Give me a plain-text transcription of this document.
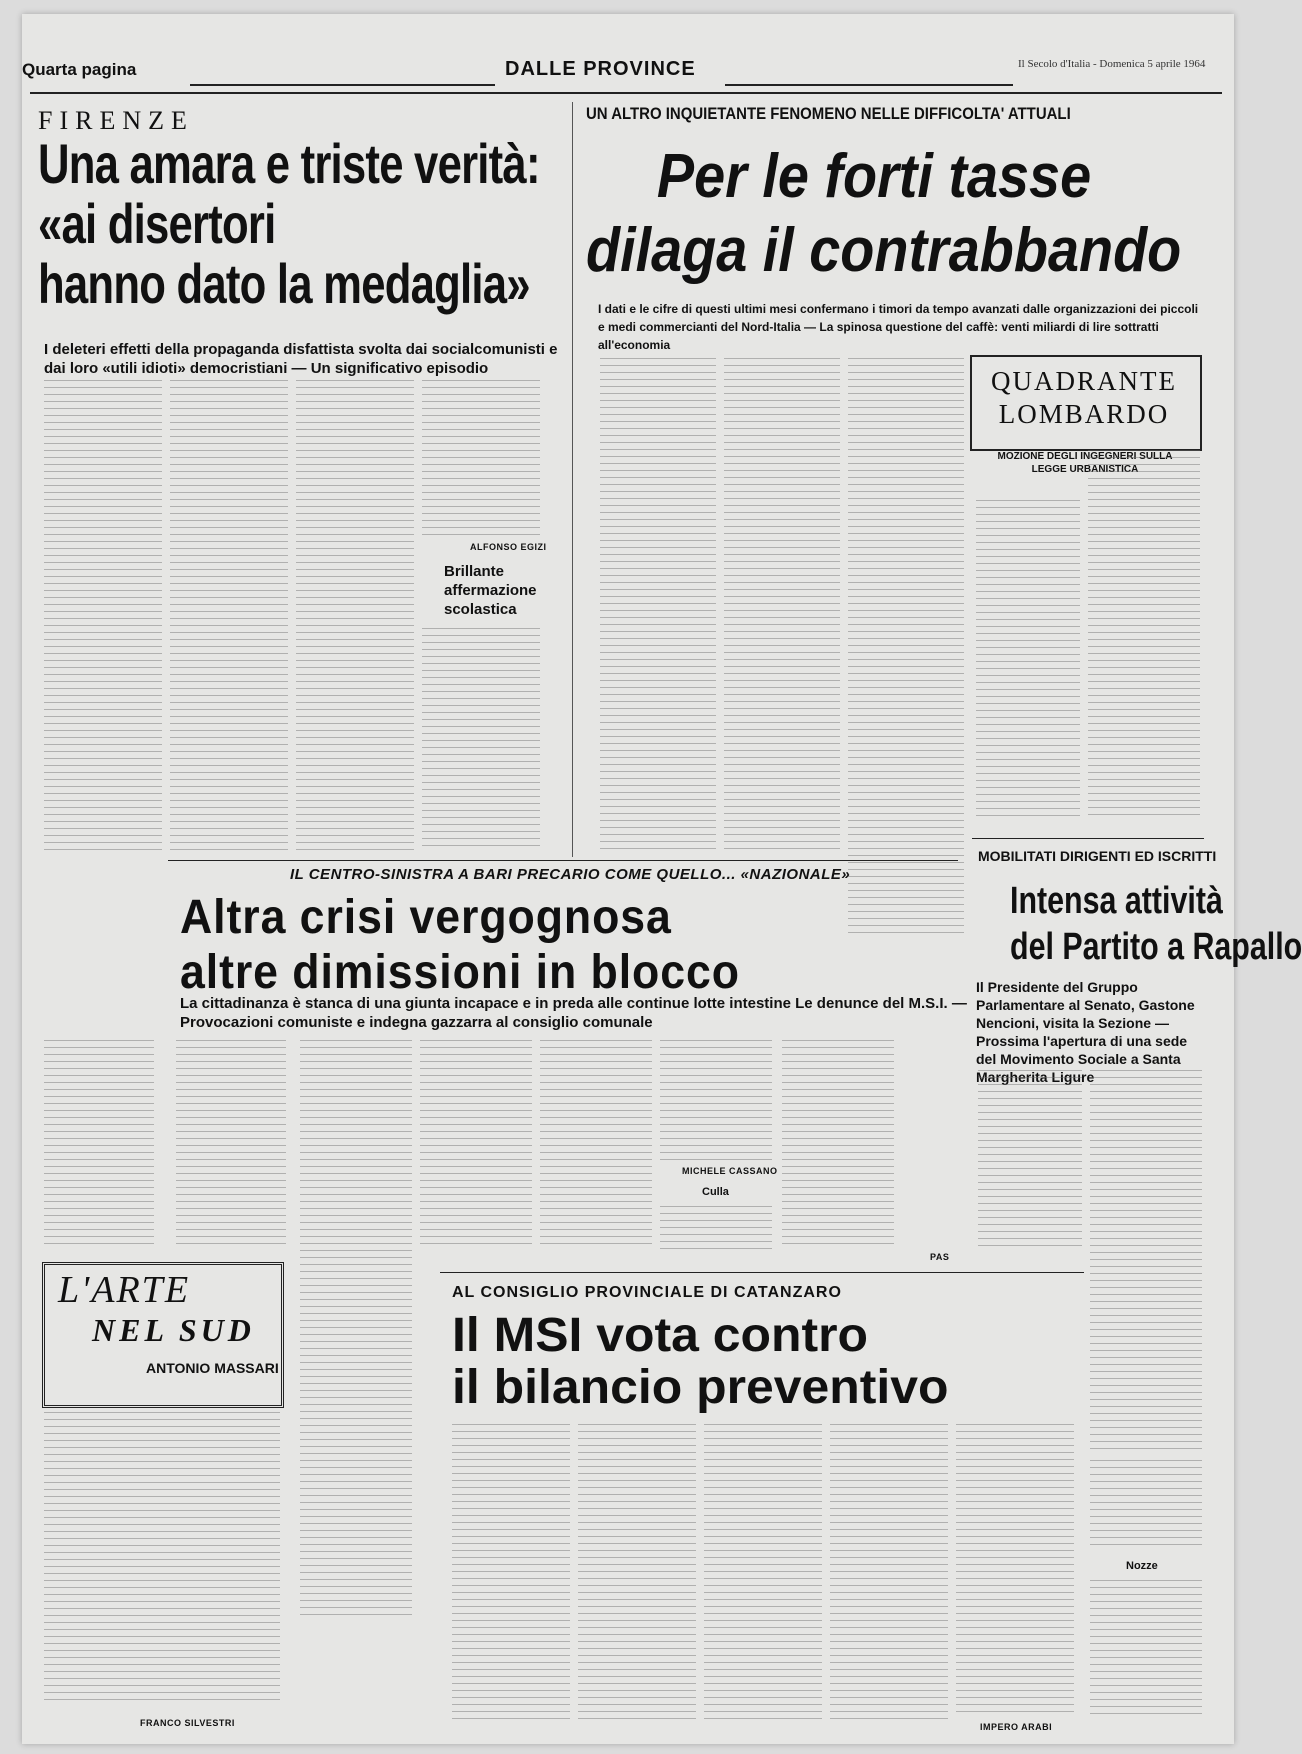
Quarta pagina	DALLE PROVINCE	Il Secolo d'Italia - Domenica 5 aprile 1964
FIRENZE
Una amara e triste verità:
«ai disertori
hanno dato la medaglia»
I deleteri effetti della propaganda disfattista svolta dai socialcomunisti e dai loro «utili idioti» democristiani — Un significativo episodio
ALFONSO EGIZI
Brillante affermazione scolastica
UN ALTRO INQUIETANTE FENOMENO NELLE DIFFICOLTA' ATTUALI
Per le forti tasse
dilaga il contrabbando
I dati e le cifre di questi ultimi mesi confermano i timori da tempo avanzati dalle organizzazioni dei piccoli e medi commercianti del Nord-Italia — La spinosa questione del caffè: venti miliardi di lire sottratti all'economia
QUADRANTE
LOMBARDO
MOZIONE DEGLI INGEGNERI SULLA LEGGE URBANISTICA
IL CENTRO-SINISTRA A BARI PRECARIO COME QUELLO... «NAZIONALE»
Altra crisi vergognosa
altre dimissioni in blocco
La cittadinanza è stanca di una giunta incapace e in preda alle continue lotte intestine Le denunce del M.S.I. — Provocazioni comuniste e indegna gazzarra al consiglio comunale
MICHELE CASSANO
Culla
MOBILITATI DIRIGENTI ED ISCRITTI
Intensa attività
del Partito a Rapallo
Il Presidente del Gruppo Parlamentare al Senato, Gastone Nencioni, visita la Sezione — Prossima l'apertura di una sede del Movimento Sociale a Santa Margherita Ligure
PAS
L'ARTE
NEL SUD
ANTONIO MASSARI
FRANCO SILVESTRI
AL CONSIGLIO PROVINCIALE DI CATANZARO
Il MSI vota contro
il bilancio preventivo
IMPERO ARABI
Nozze
